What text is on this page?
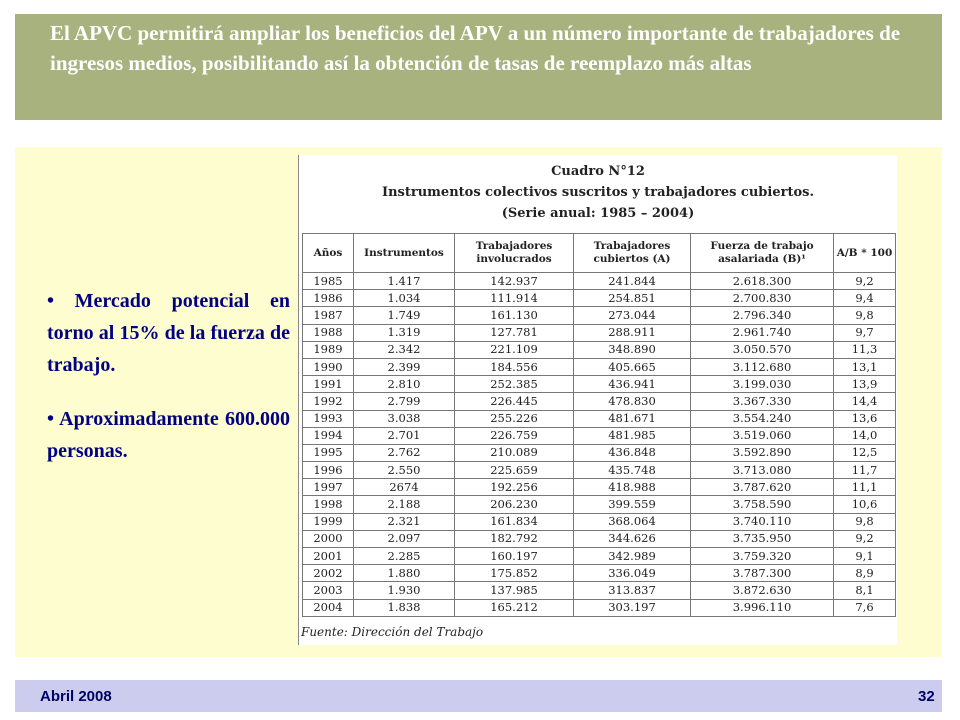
El APVC permitirá ampliar los beneficios del APV a un número importante de trabajadores de ingresos medios, posibilitando así la obtención de tasas de reemplazo más altas
• Mercado potencial en torno al 15% de la fuerza de trabajo.
• Aproximadamente 600.000 personas.
Cuadro N°12
Instrumentos colectivos suscritos y trabajadores cubiertos.
(Serie anual: 1985 – 2004)
Años	Instrumentos	Trabajadores involucrados	Trabajadores cubiertos (A)	Fuerza de trabajo asalariada (B)¹	A/B * 100
1985	1.417	142.937	241.844	2.618.300	9,2
1986	1.034	111.914	254.851	2.700.830	9,4
1987	1.749	161.130	273.044	2.796.340	9,8
1988	1.319	127.781	288.911	2.961.740	9,7
1989	2.342	221.109	348.890	3.050.570	11,3
1990	2.399	184.556	405.665	3.112.680	13,1
1991	2.810	252.385	436.941	3.199.030	13,9
1992	2.799	226.445	478.830	3.367.330	14,4
1993	3.038	255.226	481.671	3.554.240	13,6
1994	2.701	226.759	481.985	3.519.060	14,0
1995	2.762	210.089	436.848	3.592.890	12,5
1996	2.550	225.659	435.748	3.713.080	11,7
1997	2674	192.256	418.988	3.787.620	11,1
1998	2.188	206.230	399.559	3.758.590	10,6
1999	2.321	161.834	368.064	3.740.110	9,8
2000	2.097	182.792	344.626	3.735.950	9,2
2001	2.285	160.197	342.989	3.759.320	9,1
2002	1.880	175.852	336.049	3.787.300	8,9
2003	1.930	137.985	313.837	3.872.630	8,1
2004	1.838	165.212	303.197	3.996.110	7,6
Fuente: Dirección del Trabajo
Abril 2008	32
